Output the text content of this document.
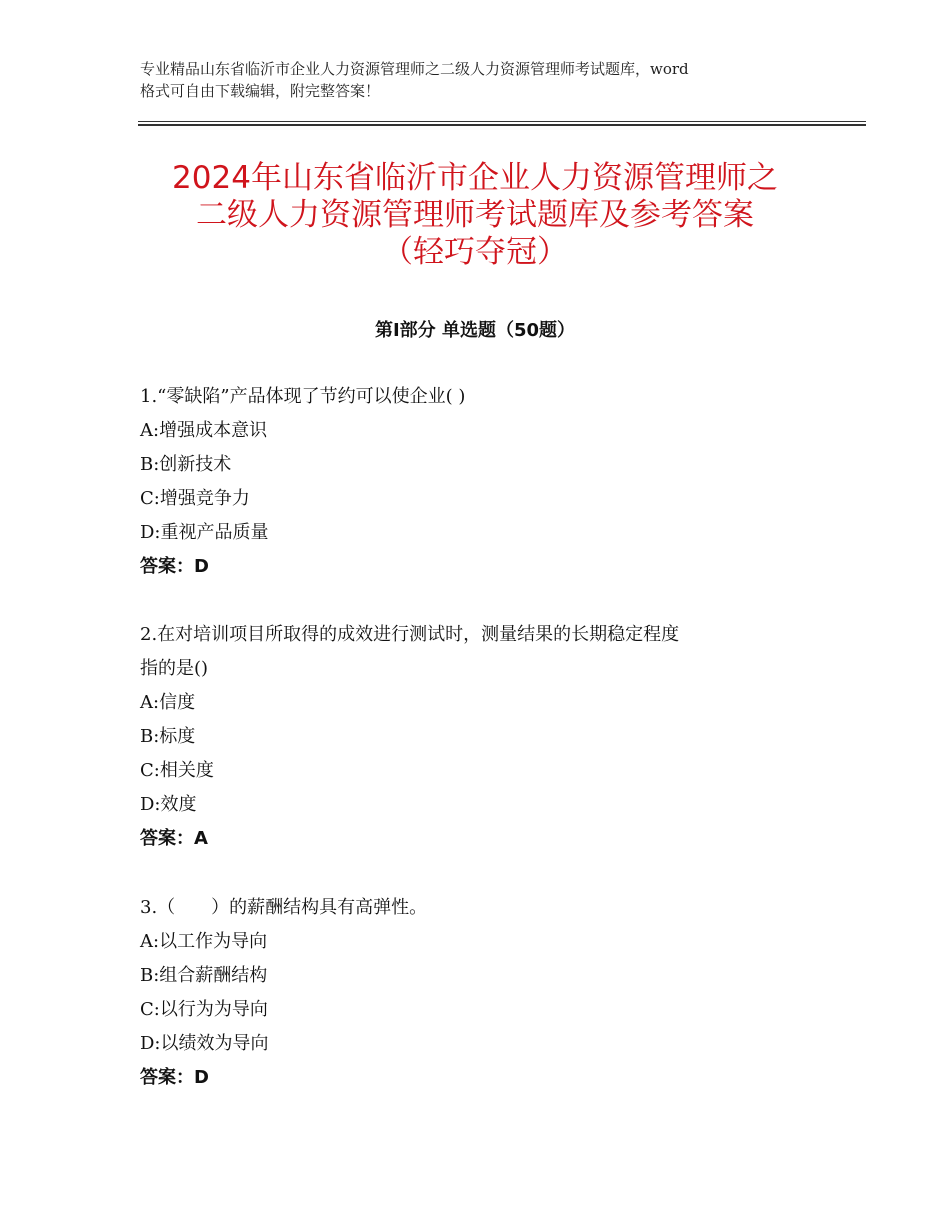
专业精品山东省临沂市企业人力资源管理师之二级人力资源管理师考试题库，word
格式可自由下载编辑，附完整答案！
2024年山东省临沂市企业人力资源管理师之
二级人力资源管理师考试题库及参考答案
（轻巧夺冠）
第Ⅰ部分 单选题（50题）
1.“零缺陷”产品体现了节约可以使企业( )
A:增强成本意识
B:创新技术
C:增强竞争力
D:重视产品质量
答案：D
2.在对培训项目所取得的成效进行测试时，测量结果的长期稳定程度
指的是()
A:信度
B:标度
C:相关度
D:效度
答案：A
3.（　　）的薪酬结构具有高弹性。
A:以工作为导向
B:组合薪酬结构
C:以行为为导向
D:以绩效为导向
答案：D
